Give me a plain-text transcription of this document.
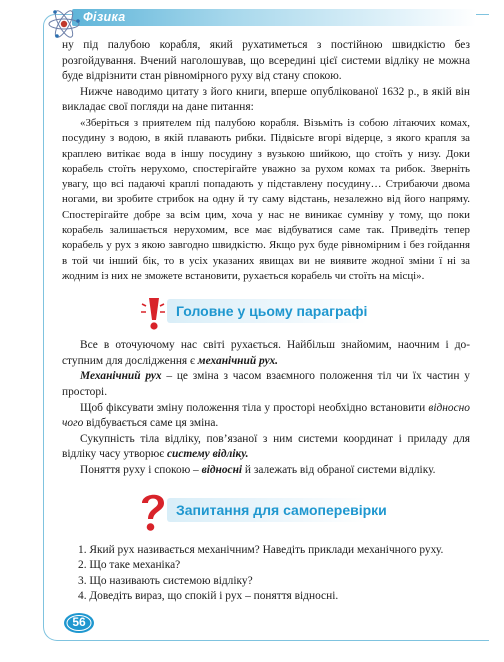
Фізика

ну під палубою корабля, який рухатиметься з постійною швидкістю без розгойдування. Вчений наголошував, що всередині цієї системи відліку не можна буде відрізнити стан рівномірного руху від стану спокою.

Нижче наводимо цитату з його книги, вперше опублікованої 1632 р., в якій він викладає свої погляди на дане питання:

«Зберіться з приятелем під палубою корабля. Візьміть із собою літаючих комах, посудину з водою, в якій плавають рибки. Підвісьте вгорі відерце, з якого крапля за краплею витікає вода в іншу посудину з вузькою шийкою, що стоїть у низу. Доки корабель стоїть нерухомо, спостерігайте уважно за рухом комах та рибок. Зверніть увагу, що всі падаючі краплі попадають у підставлену посудину… Стрибаючи двома ногами, ви зробите стрибок на одну й ту саму відстань, незалежно від його напряму. Спостерігайте добре за всім цим, хоча у нас не виникає сумніву у тому, що поки корабель залишається нерухомим, все має відбуватися саме так. Приведіть тепер корабель у рух з якою завгодно швидкістю. Якщо рух буде рівномірним і без гойдання в той чи інший бік, то в усіх указаних явищах ви не виявите жодної зміни ї ні за жодним із них не зможете встановити, рухається корабель чи стоїть на місці».

Головне у цьому параграфі

Все в оточуючому нас світі рухається. Найбільш знайомим, наочним і доступним для дослідження є механічний рух.

Механічний рух – це зміна з часом взаємного положення тіл чи їх частин у просторі.

Щоб фіксувати зміну положення тіла у просторі необхідно встановити відносно чого відбувається саме ця зміна.

Сукупність тіла відліку, пов’язаної з ним системи координат і приладу для відліку часу утворює систему відліку.

Поняття руху і спокою – відносні й залежать від обраної системи відліку.

Запитання для самоперевірки
1. Який рух називається механічним? Наведіть приклади механічного руху.
2. Що таке механіка?
3. Що називають системою відліку?
4. Доведіть вираз, що спокій і рух – поняття відносні.
56
